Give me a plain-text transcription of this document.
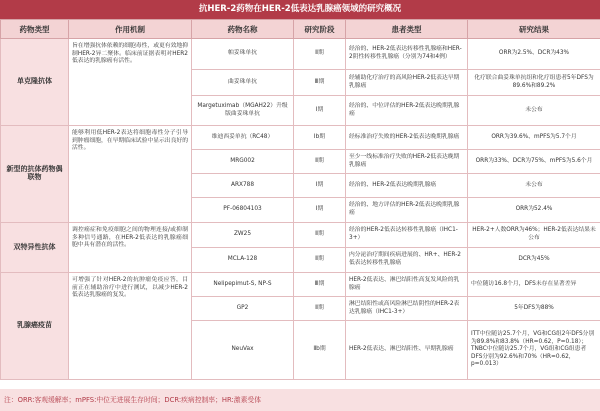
抗HER-2药物在HER-2低表达乳腺癌领域的研究概况
药物类型	作用机制	药物名称	研究阶段	患者类型	研究结果
单克隆抗体	旨在增强抗体依赖的细胞毒性，或更有效地抑制HER-2异二聚体。临床前证据表明对HER2低表达的乳腺癌有活性。	帕妥珠单抗	Ⅱ期	经治的、HER-2低表达转移性乳腺癌和HER-2阴性转移性乳腺癌（分别为74和4例）	ORR为2.5%、DCR为43%
		曲妥珠单抗	Ⅲ期	经辅助化疗治疗的高风险HER-2低表达早期乳腺癌	化疗联合曲妥珠单抗组和化疗组患者5年DFS为89.6%和89.2%
		Margetuximab（MGAH22）升级版曲妥珠单抗	Ⅰ期	经治的、中位评估的HER-2低表达晚期乳腺癌	未公布
新型的抗体药物偶联物	能够利用低HER-2表达将细胞毒性分子引导到肿瘤细胞，在早期临床试验中显示出良好的活性。	维迪西妥单抗（RC48）	Ⅰb期	经标准治疗失败的HER-2低表达晚期乳腺癌	ORR为39.6%、mPFS为5.7个月
		MRG002	Ⅱ期	至少一线标准治疗失败的HER-2低表达晚期乳腺癌	ORR为33%、DCR为75%、mPFS为5.6个月
		ARX788	Ⅰ期	经治的、HER-2低表达晚期乳腺癌	未公布
		PF-06804103	Ⅰ期	经治的、地方评估的HER-2低表达晚期乳腺癌	ORR为52.4%
双特异性抗体	调控癌症和免疫细胞之间的物理连接/或抑制多种信号通路，在HER-2低表达的乳腺癌细胞中具有潜在的活性。	ZW25	Ⅱ期	经治的HER-2低表达转移性乳腺癌（IHC1-3+）	HER-2+人数ORR为46%；HER-2低表达结果未公布
		MCLA-128	Ⅱ期	内分泌治疗期间疾病进展的、HR+、HER-2低表达转移性乳腺癌	DCR为45%
乳腺癌疫苗	可增强了针对HER-2的抗肿瘤免疫应答，目前正在辅助治疗中进行测试，以减少HER-2低表达乳腺癌的复发。	Nelipepimut-S, NP-S	Ⅲ期	HER-2低表达、淋巴结阳性高复发风险的乳腺癌	中位随访16.8个月，DFS未存在显著差异
		GP2	Ⅱ期	淋巴结阳性或高风险淋巴结阴性的HER-2表达乳腺癌（IHC1-3+）	5年DFS为88%
		NeuVax	Ⅱb期	HER-2低表达、淋巴结阳性、早期乳腺癌	ITT中位随访25.7个月，VG和CG组2年DFS分别为89.8%和83.8%（HR=0.62，P=0.18）；TNBC中位随访25.7个月，VG组和CG组患者DFS分别为92.6%和70%（HR=0.62，p=0.013）
注：ORR:客观缓解率；mPFS:中位无进展生存时间；DCR:疾病控制率；HR:激素受体
